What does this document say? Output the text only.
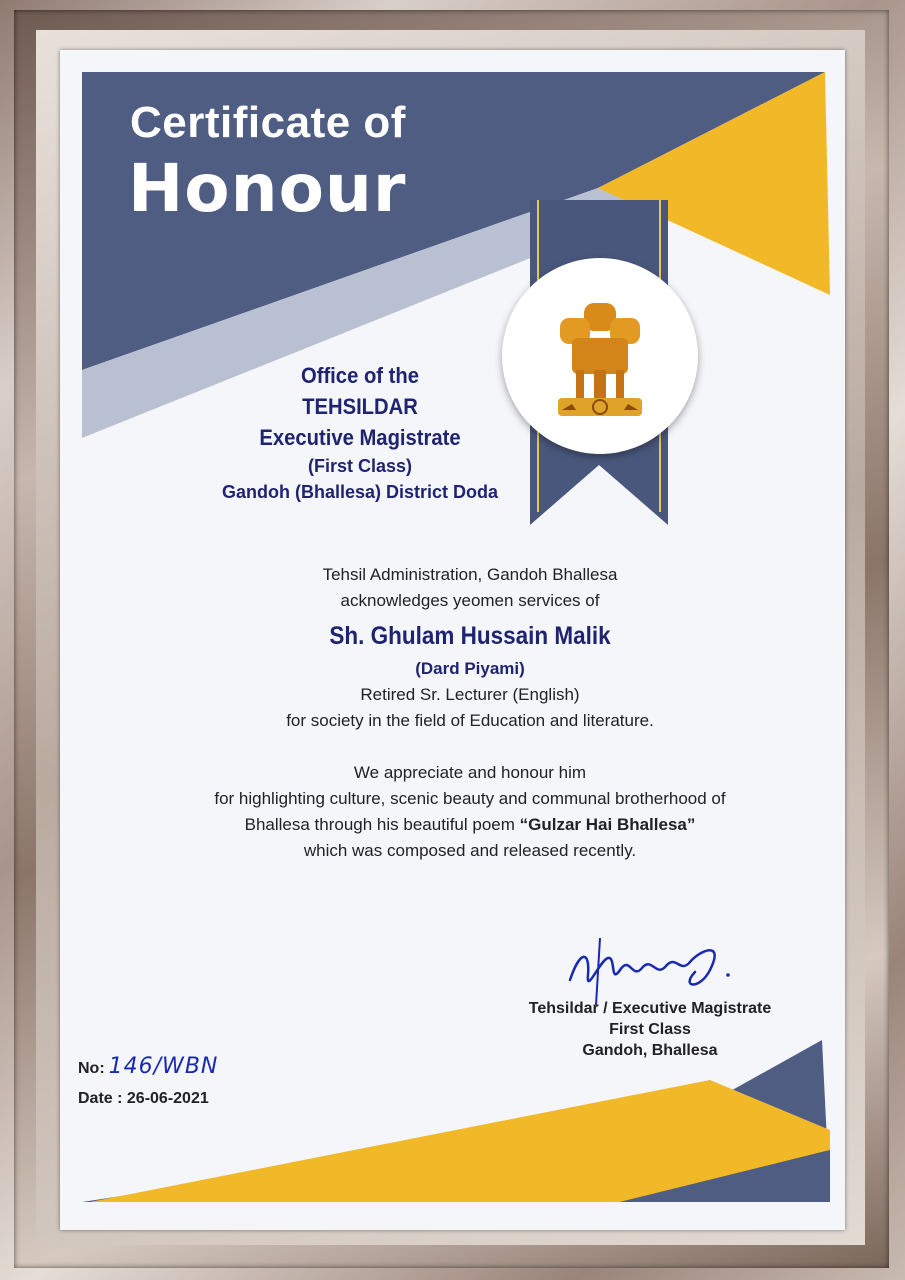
Certificate of
Honour
Office of the
TEHSILDAR
Executive Magistrate
(First Class)
Gandoh (Bhallesa) District Doda
Tehsil Administration, Gandoh Bhallesa
acknowledges yeomen services of
Sh. Ghulam Hussain Malik
(Dard Piyami)
Retired Sr. Lecturer (English)
for society in the field of Education and literature.
We appreciate and honour him
for highlighting culture, scenic beauty and communal brotherhood of
Bhallesa through his beautiful poem “Gulzar Hai Bhallesa”
which was composed and released recently.
Tehsildar / Executive Magistrate
First Class
Gandoh, Bhallesa
No: 146/WBN
Date : 26-06-2021
